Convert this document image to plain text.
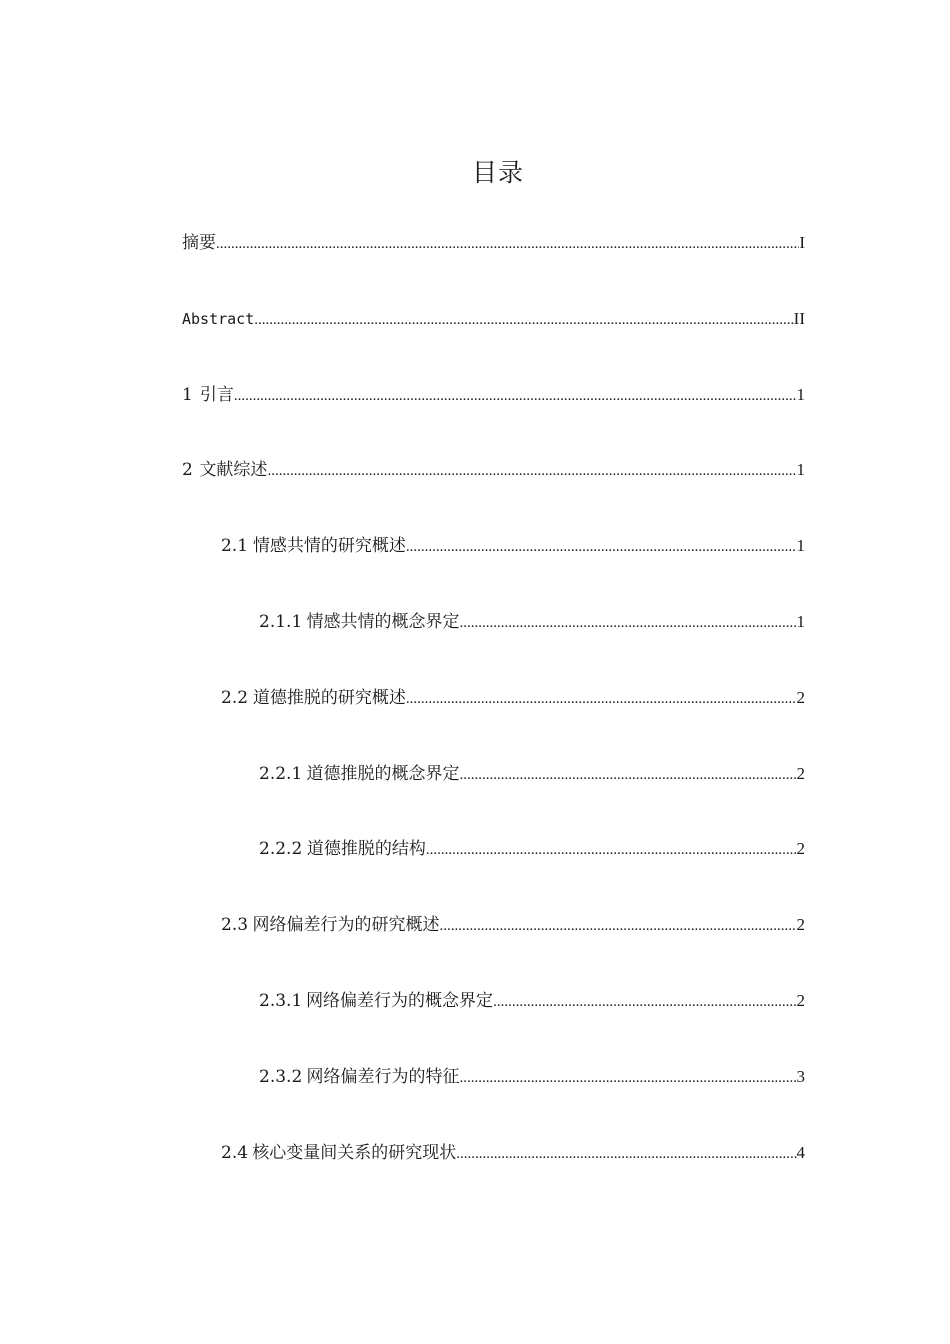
目录
摘要 .....	I
Abstract .....	II
1 引言 .....	1
2 文献综述 .....	1
2.1 情感共情的研究概述 .....	1
2.1.1 情感共情的概念界定 .....	1
2.2 道德推脱的研究概述 .....	2
2.2.1 道德推脱的概念界定 .....	2
2.2.2 道德推脱的结构 .....	2
2.3 网络偏差行为的研究概述 .....	2
2.3.1 网络偏差行为的概念界定 .....	2
2.3.2 网络偏差行为的特征 .....	3
2.4 核心变量间关系的研究现状 .....	4
